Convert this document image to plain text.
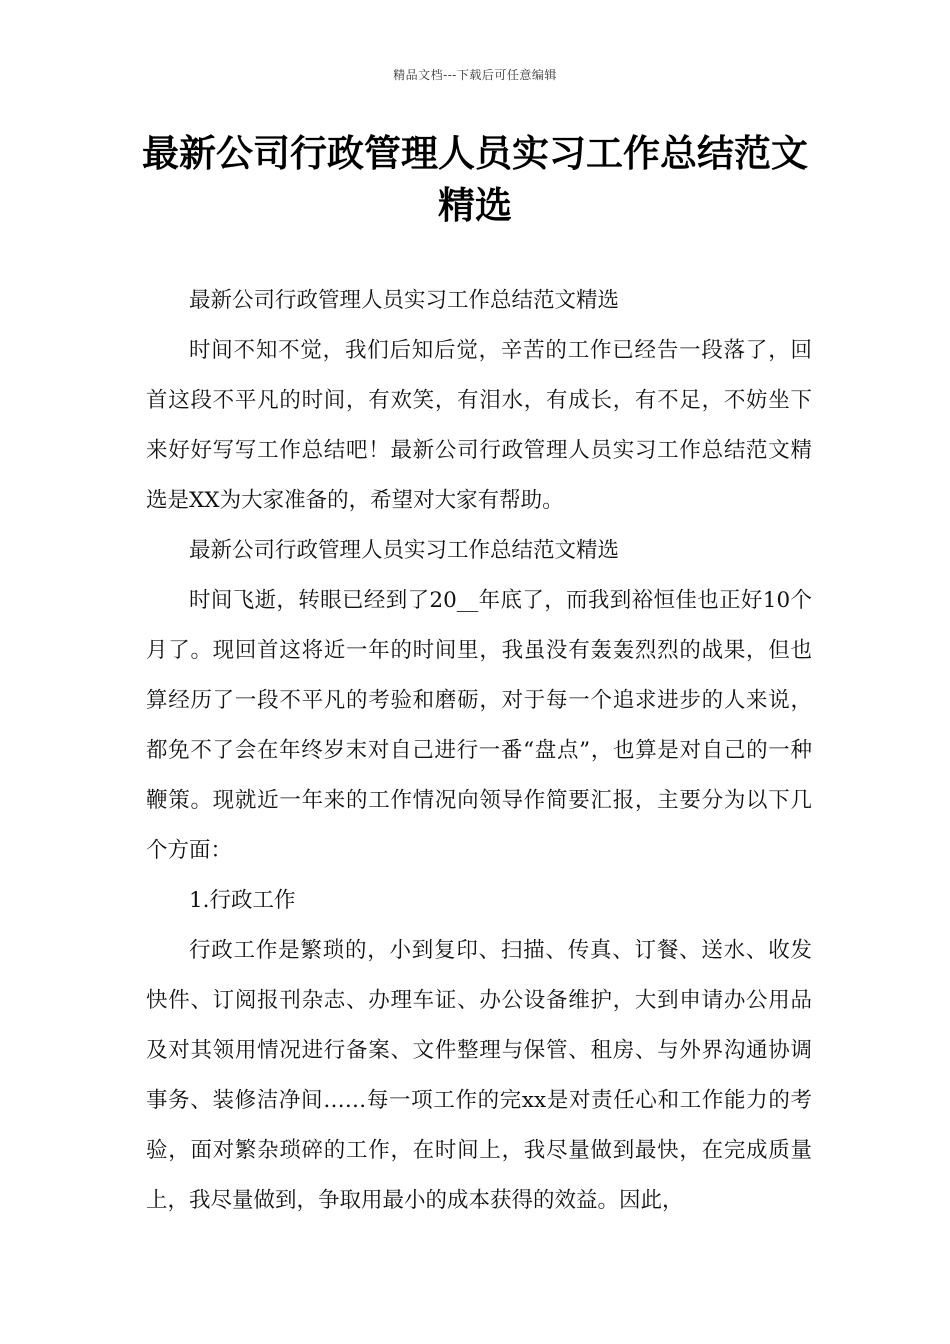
精品文档---下载后可任意编辑
最新公司行政管理人员实习工作总结范文精选

最新公司行政管理人员实习工作总结范文精选

时间不知不觉，我们后知后觉，辛苦的工作已经告一段落了，回首这段不平凡的时间，有欢笑，有泪水，有成长，有不足，不妨坐下来好好写写工作总结吧！最新公司行政管理人员实习工作总结范文精选是XX为大家准备的，希望对大家有帮助。

最新公司行政管理人员实习工作总结范文精选

时间飞逝，转眼已经到了20__年底了，而我到裕恒佳也正好10个月了。现回首这将近一年的时间里，我虽没有轰轰烈烈的战果，但也算经历了一段不平凡的考验和磨砺，对于每一个追求进步的人来说，都免不了会在年终岁末对自己进行一番“盘点”，也算是对自己的一种鞭策。现就近一年来的工作情况向领导作简要汇报，主要分为以下几个方面：

1.行政工作

行政工作是繁琐的，小到复印、扫描、传真、订餐、送水、收发快件、订阅报刊杂志、办理车证、办公设备维护，大到申请办公用品及对其领用情况进行备案、文件整理与保管、租房、与外界沟通协调事务、装修洁净间……每一项工作的完xx是对责任心和工作能力的考验，面对繁杂琐碎的工作，在时间上，我尽量做到最快，在完成质量上，我尽量做到，争取用最小的成本获得的效益。因此，
